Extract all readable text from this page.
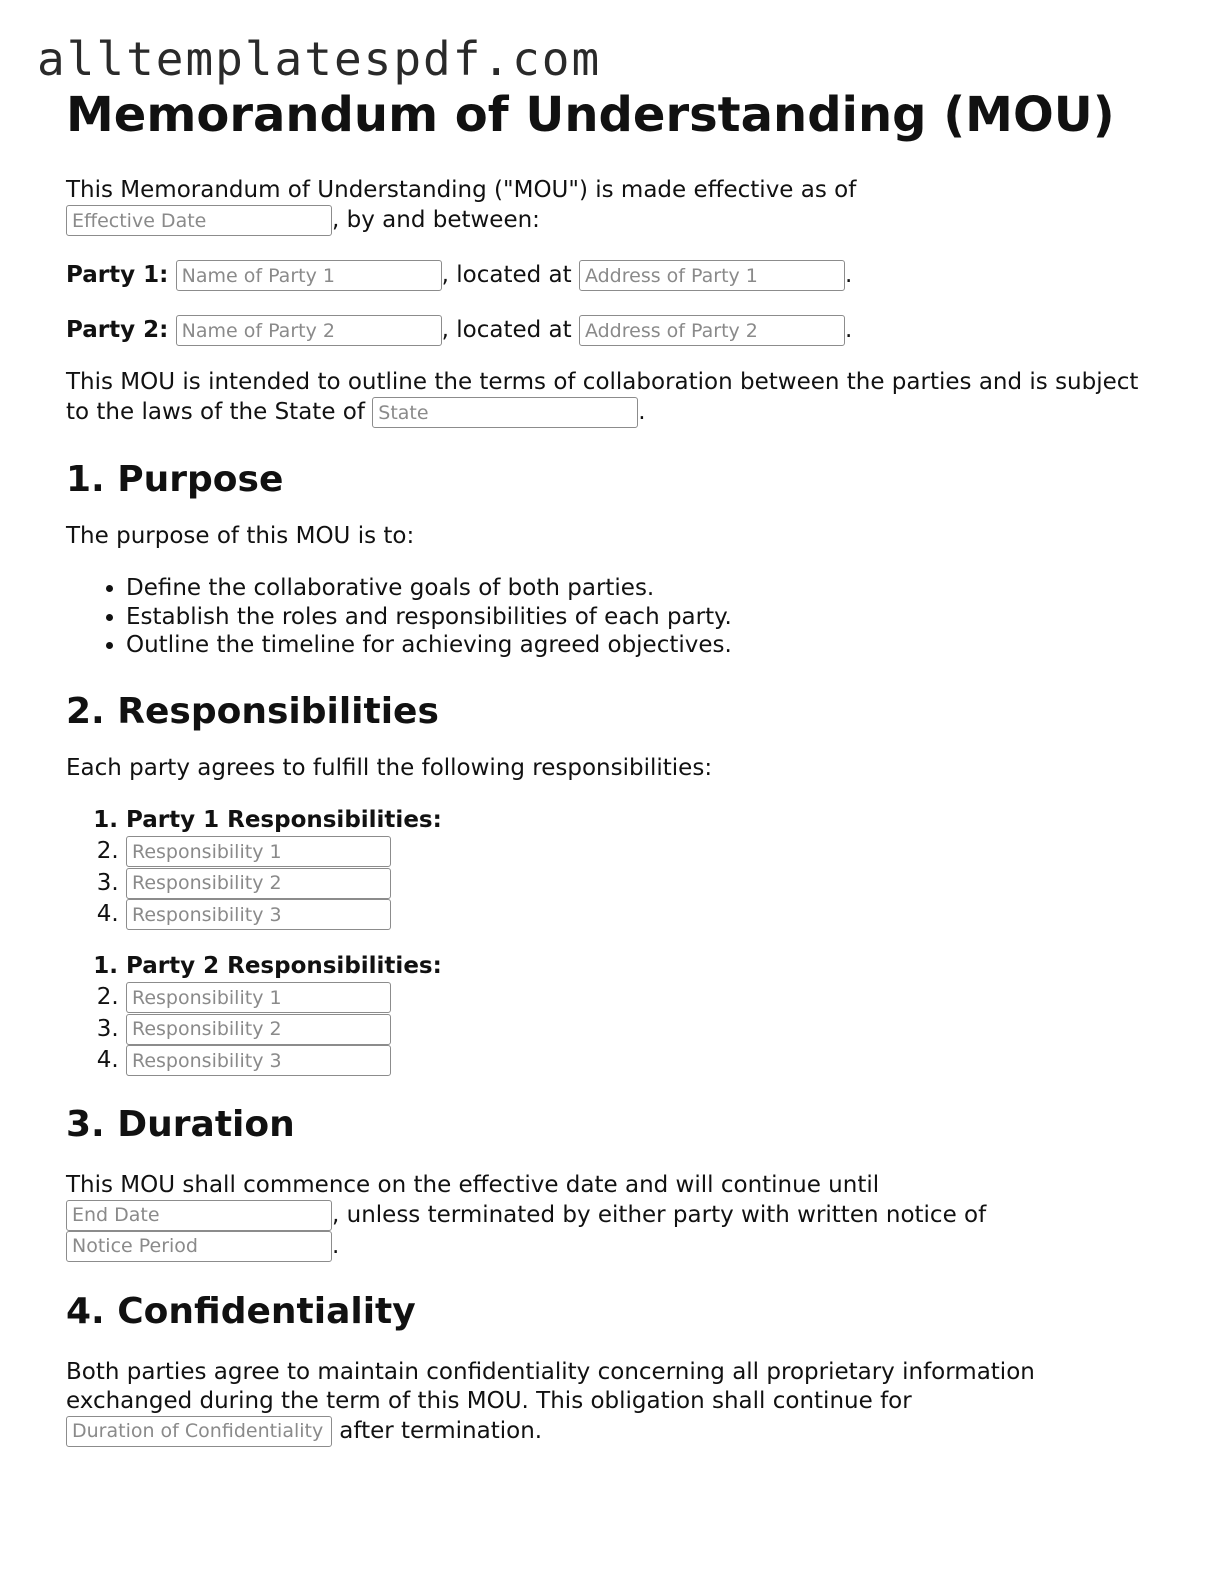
alltemplatespdf.com
Memorandum of Understanding (MOU)

This Memorandum of Understanding ("MOU") is made effective as of
Effective Date, by and between:

Party 1: Name of Party 1	, located at Address of Party 1	.

Party 2: Name of Party 2	, located at Address of Party 2	.

This MOU is intended to outline the terms of collaboration between the parties and is subject to the laws of the State of State	.

1. Purpose

The purpose of this MOU is to:

• Define the collaborative goals of both parties.
• Establish the roles and responsibilities of each party.
• Outline the timeline for achieving agreed objectives.
2. Responsibilities

Each party agrees to fulfill the following responsibilities:

1. Party 1 Responsibilities:
2. Responsibility 1
3. Responsibility 2
4. Responsibility 3
1. Party 2 Responsibilities:
2. Responsibility 1
3. Responsibility 2
4. Responsibility 3
3. Duration

This MOU shall commence on the effective date and will continue until
End Date, unless terminated by either party with written notice of
Notice Period.

4. Confidentiality

Both parties agree to maintain confidentiality concerning all proprietary information exchanged during the term of this MOU. This obligation shall continue for
Duration of Confidentiality after termination.
